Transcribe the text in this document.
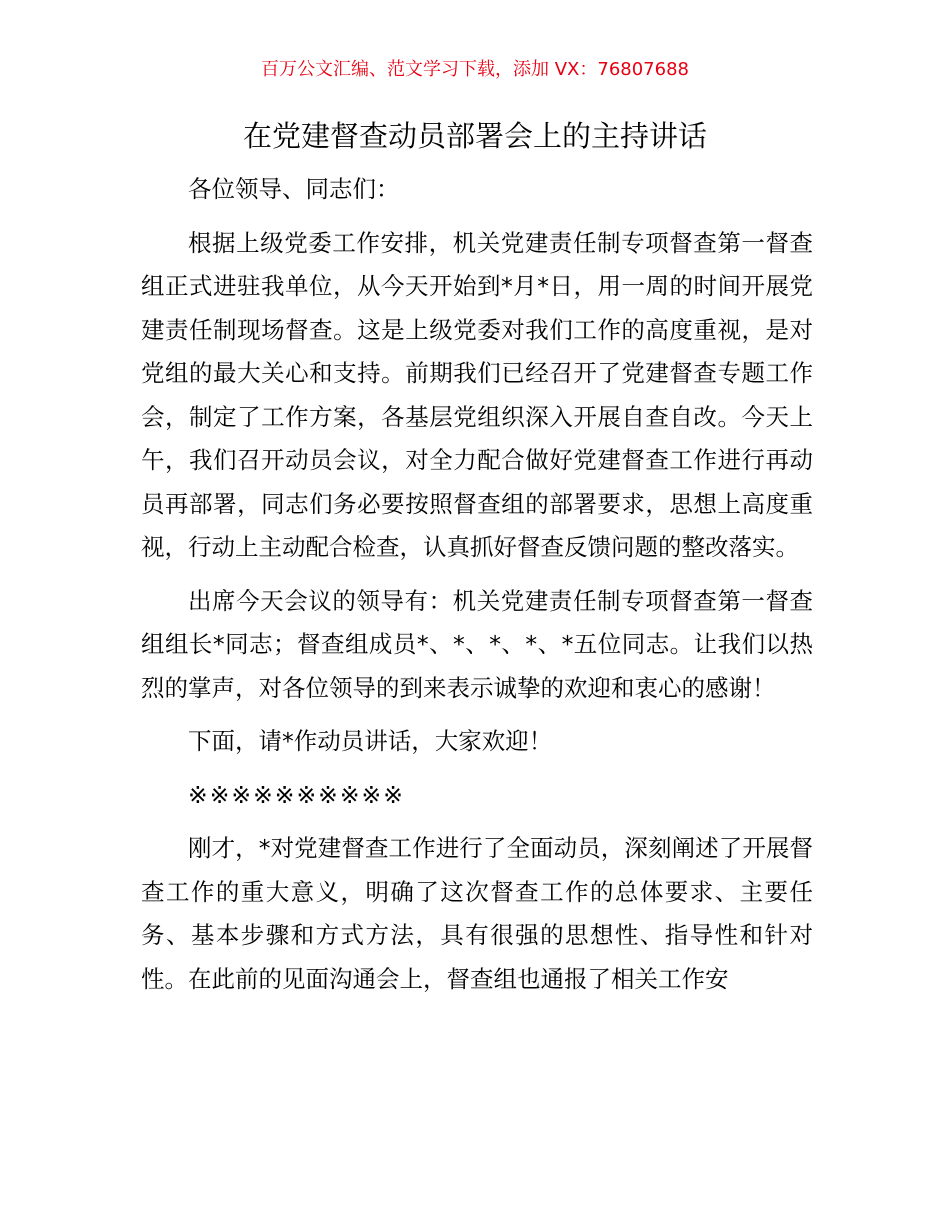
百万公文汇编、范文学习下载，添加 VX：76807688
在党建督查动员部署会上的主持讲话

各位领导、同志们：

根据上级党委工作安排，机关党建责任制专项督查第一督查组正式进驻我单位，从今天开始到*月*日，用一周的时间开展党建责任制现场督查。这是上级党委对我们工作的高度重视，是对党组的最大关心和支持。前期我们已经召开了党建督查专题工作会，制定了工作方案，各基层党组织深入开展自查自改。今天上午，我们召开动员会议，对全力配合做好党建督查工作进行再动员再部署，同志们务必要按照督查组的部署要求，思想上高度重视，行动上主动配合检查，认真抓好督查反馈问题的整改落实。

出席今天会议的领导有：机关党建责任制专项督查第一督查组组长*同志；督查组成员*、*、*、*、*五位同志。让我们以热烈的掌声，对各位领导的到来表示诚挚的欢迎和衷心的感谢！

下面，请*作动员讲话，大家欢迎！

※※※※※※※※※※

刚才，*对党建督查工作进行了全面动员，深刻阐述了开展督查工作的重大意义，明确了这次督查工作的总体要求、主要任务、基本步骤和方式方法，具有很强的思想性、指导性和针对性。在此前的见面沟通会上，督查组也通报了相关工作安
